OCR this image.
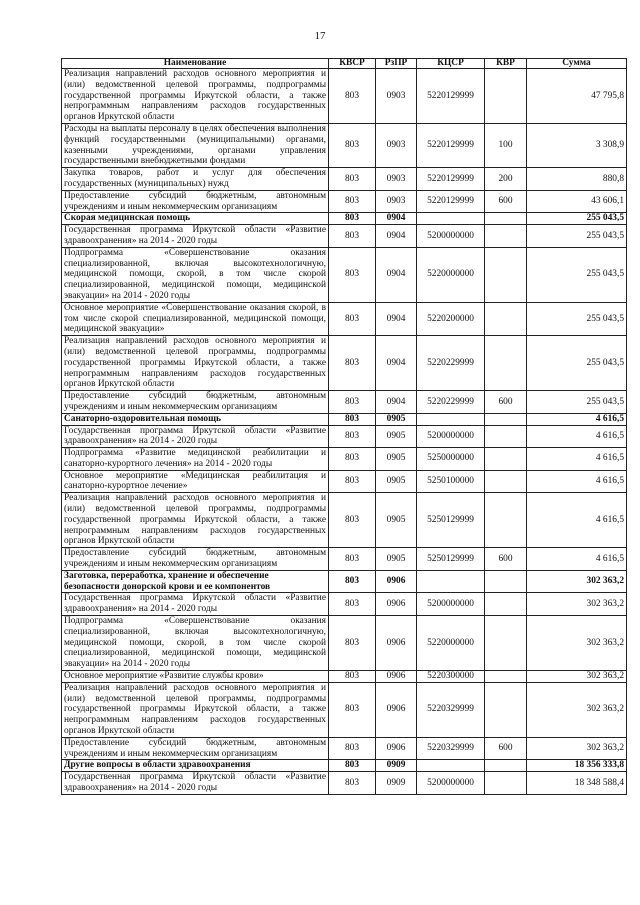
17
Наименование	КВСР	РзПР	КЦСР	КВР	Сумма
Реализация направлений расходов основного мероприятия и (или) ведомственной целевой программы, подпрограммы государственной программы Иркутской области, а также непрограммным направлениям расходов государственных органов Иркутской области	803	0903	5220129999		47 795,8
Расходы на выплаты персоналу в целях обеспечения выполнения функций государственными (муниципальными) органами, казенными учреждениями, органами управления государственными внебюджетными фондами	803	0903	5220129999	100	3 308,9
Закупка товаров, работ и услуг для обеспечения государственных (муниципальных) нужд	803	0903	5220129999	200	880,8
Предоставление субсидий бюджетным, автономным учреждениям и иным некоммерческим организациям	803	0903	5220129999	600	43 606,1
Скорая медицинская помощь	803	0904			255 043,5
Государственная программа Иркутской области «Развитие здравоохранения» на 2014 - 2020 годы	803	0904	5200000000		255 043,5
Подпрограмма «Совершенствование оказания специализированной, включая высокотехнологичную, медицинской помощи, скорой, в том числе скорой специализированной, медицинской помощи, медицинской эвакуации» на 2014 - 2020 годы	803	0904	5220000000		255 043,5
Основное мероприятие «Совершенствование оказания скорой, в том числе скорой специализированной, медицинской помощи, медицинской эвакуации»	803	0904	5220200000		255 043,5
Реализация направлений расходов основного мероприятия и (или) ведомственной целевой программы, подпрограммы государственной программы Иркутской области, а также непрограммным направлениям расходов государственных органов Иркутской области	803	0904	5220229999		255 043,5
Предоставление субсидий бюджетным, автономным учреждениям и иным некоммерческим организациям	803	0904	5220229999	600	255 043,5
Санаторно-оздоровительная помощь	803	0905			4 616,5
Государственная программа Иркутской области «Развитие здравоохранения» на 2014 - 2020 годы	803	0905	5200000000		4 616,5
Подпрограмма «Развитие медицинской реабилитации и санаторно-курортного лечения» на 2014 - 2020 годы	803	0905	5250000000		4 616,5
Основное мероприятие «Медицинская реабилитация и санаторно-курортное лечение»	803	0905	5250100000		4 616,5
Реализация направлений расходов основного мероприятия и (или) ведомственной целевой программы, подпрограммы государственной программы Иркутской области, а также непрограммным направлениям расходов государственных органов Иркутской области	803	0905	5250129999		4 616,5
Предоставление субсидий бюджетным, автономным учреждениям и иным некоммерческим организациям	803	0905	5250129999	600	4 616,5
Заготовка, переработка, хранение и обеспечение безопасности донорской крови и ее компонентов	803	0906			302 363,2
Государственная программа Иркутской области «Развитие здравоохранения» на 2014 - 2020 годы	803	0906	5200000000		302 363,2
Подпрограмма «Совершенствование оказания специализированной, включая высокотехнологичную, медицинской помощи, скорой, в том числе скорой специализированной, медицинской помощи, медицинской эвакуации» на 2014 - 2020 годы	803	0906	5220000000		302 363,2
Основное мероприятие «Развитие службы крови»	803	0906	5220300000		302 363,2
Реализация направлений расходов основного мероприятия и (или) ведомственной целевой программы, подпрограммы государственной программы Иркутской области, а также непрограммным направлениям расходов государственных органов Иркутской области	803	0906	5220329999		302 363,2
Предоставление субсидий бюджетным, автономным учреждениям и иным некоммерческим организациям	803	0906	5220329999	600	302 363,2
Другие вопросы в области здравоохранения	803	0909			18 356 333,8
Государственная программа Иркутской области «Развитие здравоохранения» на 2014 - 2020 годы	803	0909	5200000000		18 348 588,4
